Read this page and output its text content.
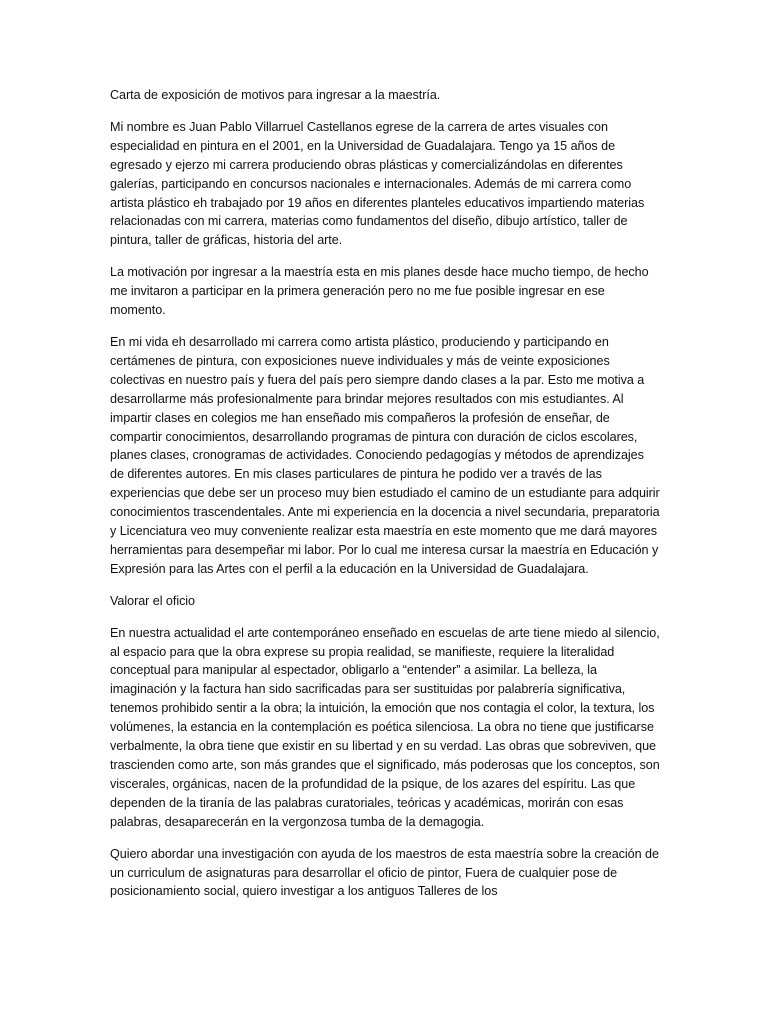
Carta de exposición de motivos para ingresar a la maestría.

Mi nombre es Juan Pablo Villarruel Castellanos egrese de la carrera de artes visuales con especialidad en pintura en el 2001, en la Universidad de Guadalajara. Tengo ya 15 años de egresado y ejerzo mi carrera produciendo obras plásticas y comercializándolas en diferentes galerías, participando en concursos nacionales e internacionales. Además de mi carrera como artista plástico eh trabajado por 19 años en diferentes planteles educativos impartiendo materias relacionadas con mi carrera, materias como fundamentos del diseño, dibujo artístico, taller de pintura, taller de gráficas, historia del arte.

La motivación por ingresar a la maestría esta en mis planes desde hace mucho tiempo, de hecho me invitaron a participar en la primera generación pero no me fue posible ingresar en ese momento.

En mi vida eh desarrollado mi carrera como artista plástico, produciendo y participando en certámenes de pintura, con exposiciones nueve individuales y más de veinte exposiciones colectivas en nuestro país y fuera del país pero siempre dando clases a la par. Esto me motiva a desarrollarme más profesionalmente para brindar mejores resultados con mis estudiantes. Al impartir clases en colegios me han enseñado mis compañeros la profesión de enseñar, de compartir conocimientos, desarrollando programas de pintura con duración de ciclos escolares, planes clases, cronogramas de actividades. Conociendo pedagogías y métodos de aprendizajes de diferentes autores. En mis clases particulares de pintura he podido ver a través de las experiencias que debe ser un proceso muy bien estudiado el camino de un estudiante para adquirir conocimientos trascendentales. Ante mi experiencia en la docencia a nivel secundaria, preparatoria y Licenciatura veo muy conveniente realizar esta maestría en este momento que me dará mayores herramientas para desempeñar mi labor. Por lo cual me interesa cursar la maestría en Educación y Expresión para las Artes con el perfil a la educación en la Universidad de Guadalajara.

Valorar el oficio

En nuestra actualidad el arte contemporáneo enseñado en escuelas de arte tiene miedo al silencio, al espacio para que la obra exprese su propia realidad, se manifieste, requiere la literalidad conceptual para manipular al espectador, obligarlo a “entender” a asimilar. La belleza, la imaginación y la factura han sido sacrificadas para ser sustituidas por palabrería significativa, tenemos prohibido sentir a la obra; la intuición, la emoción que nos contagia el color, la textura, los volúmenes, la estancia en la contemplación es poética silenciosa. La obra no tiene que justificarse verbalmente, la obra tiene que existir en su libertad y en su verdad. Las obras que sobreviven, que trascienden como arte, son más grandes que el significado, más poderosas que los conceptos, son viscerales, orgánicas, nacen de la profundidad de la psique, de los azares del espíritu. Las que dependen de la tiranía de las palabras curatoriales, teóricas y académicas, morirán con esas palabras, desaparecerán en la vergonzosa tumba de la demagogia.

Quiero abordar una investigación con ayuda de los maestros de esta maestría sobre la creación de un curriculum de asignaturas para desarrollar el oficio de pintor, Fuera de cualquier pose de posicionamiento social, quiero investigar a los antiguos Talleres de los
